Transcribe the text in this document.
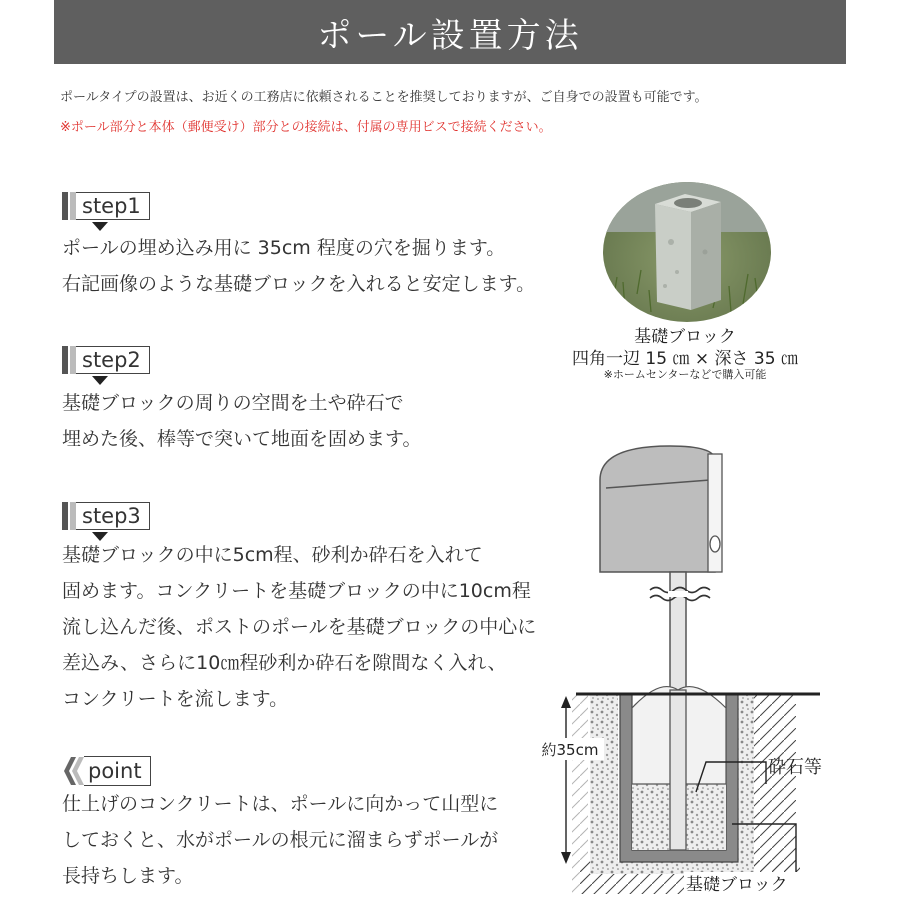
ポール設置方法
ポールタイプの設置は、お近くの工務店に依頼されることを推奨しておりますが、ご自身での設置も可能です。
※ポール部分と本体（郵便受け）部分との接続は、付属の専用ビスで接続ください。
step1
ポールの埋め込み用に 35cm 程度の穴を掘ります。
右記画像のような基礎ブロックを入れると安定します。
step2
基礎ブロックの周りの空間を土や砕石で
埋めた後、棒等で突いて地面を固めます。
step3
基礎ブロックの中に5cm程、砂利か砕石を入れて
固めます。コンクリートを基礎ブロックの中に10cm程
流し込んだ後、ポストのポールを基礎ブロックの中心に
差込み、さらに10㎝程砂利か砕石を隙間なく入れ、
コンクリートを流します。
point
仕上げのコンクリートは、ポールに向かって山型に
しておくと、水がポールの根元に溜まらずポールが
長持ちします。
基礎ブロック
四角一辺 15 ㎝ × 深さ 35 ㎝
※ホームセンターなどで購入可能
約35cm
砕石等
基礎ブロック
